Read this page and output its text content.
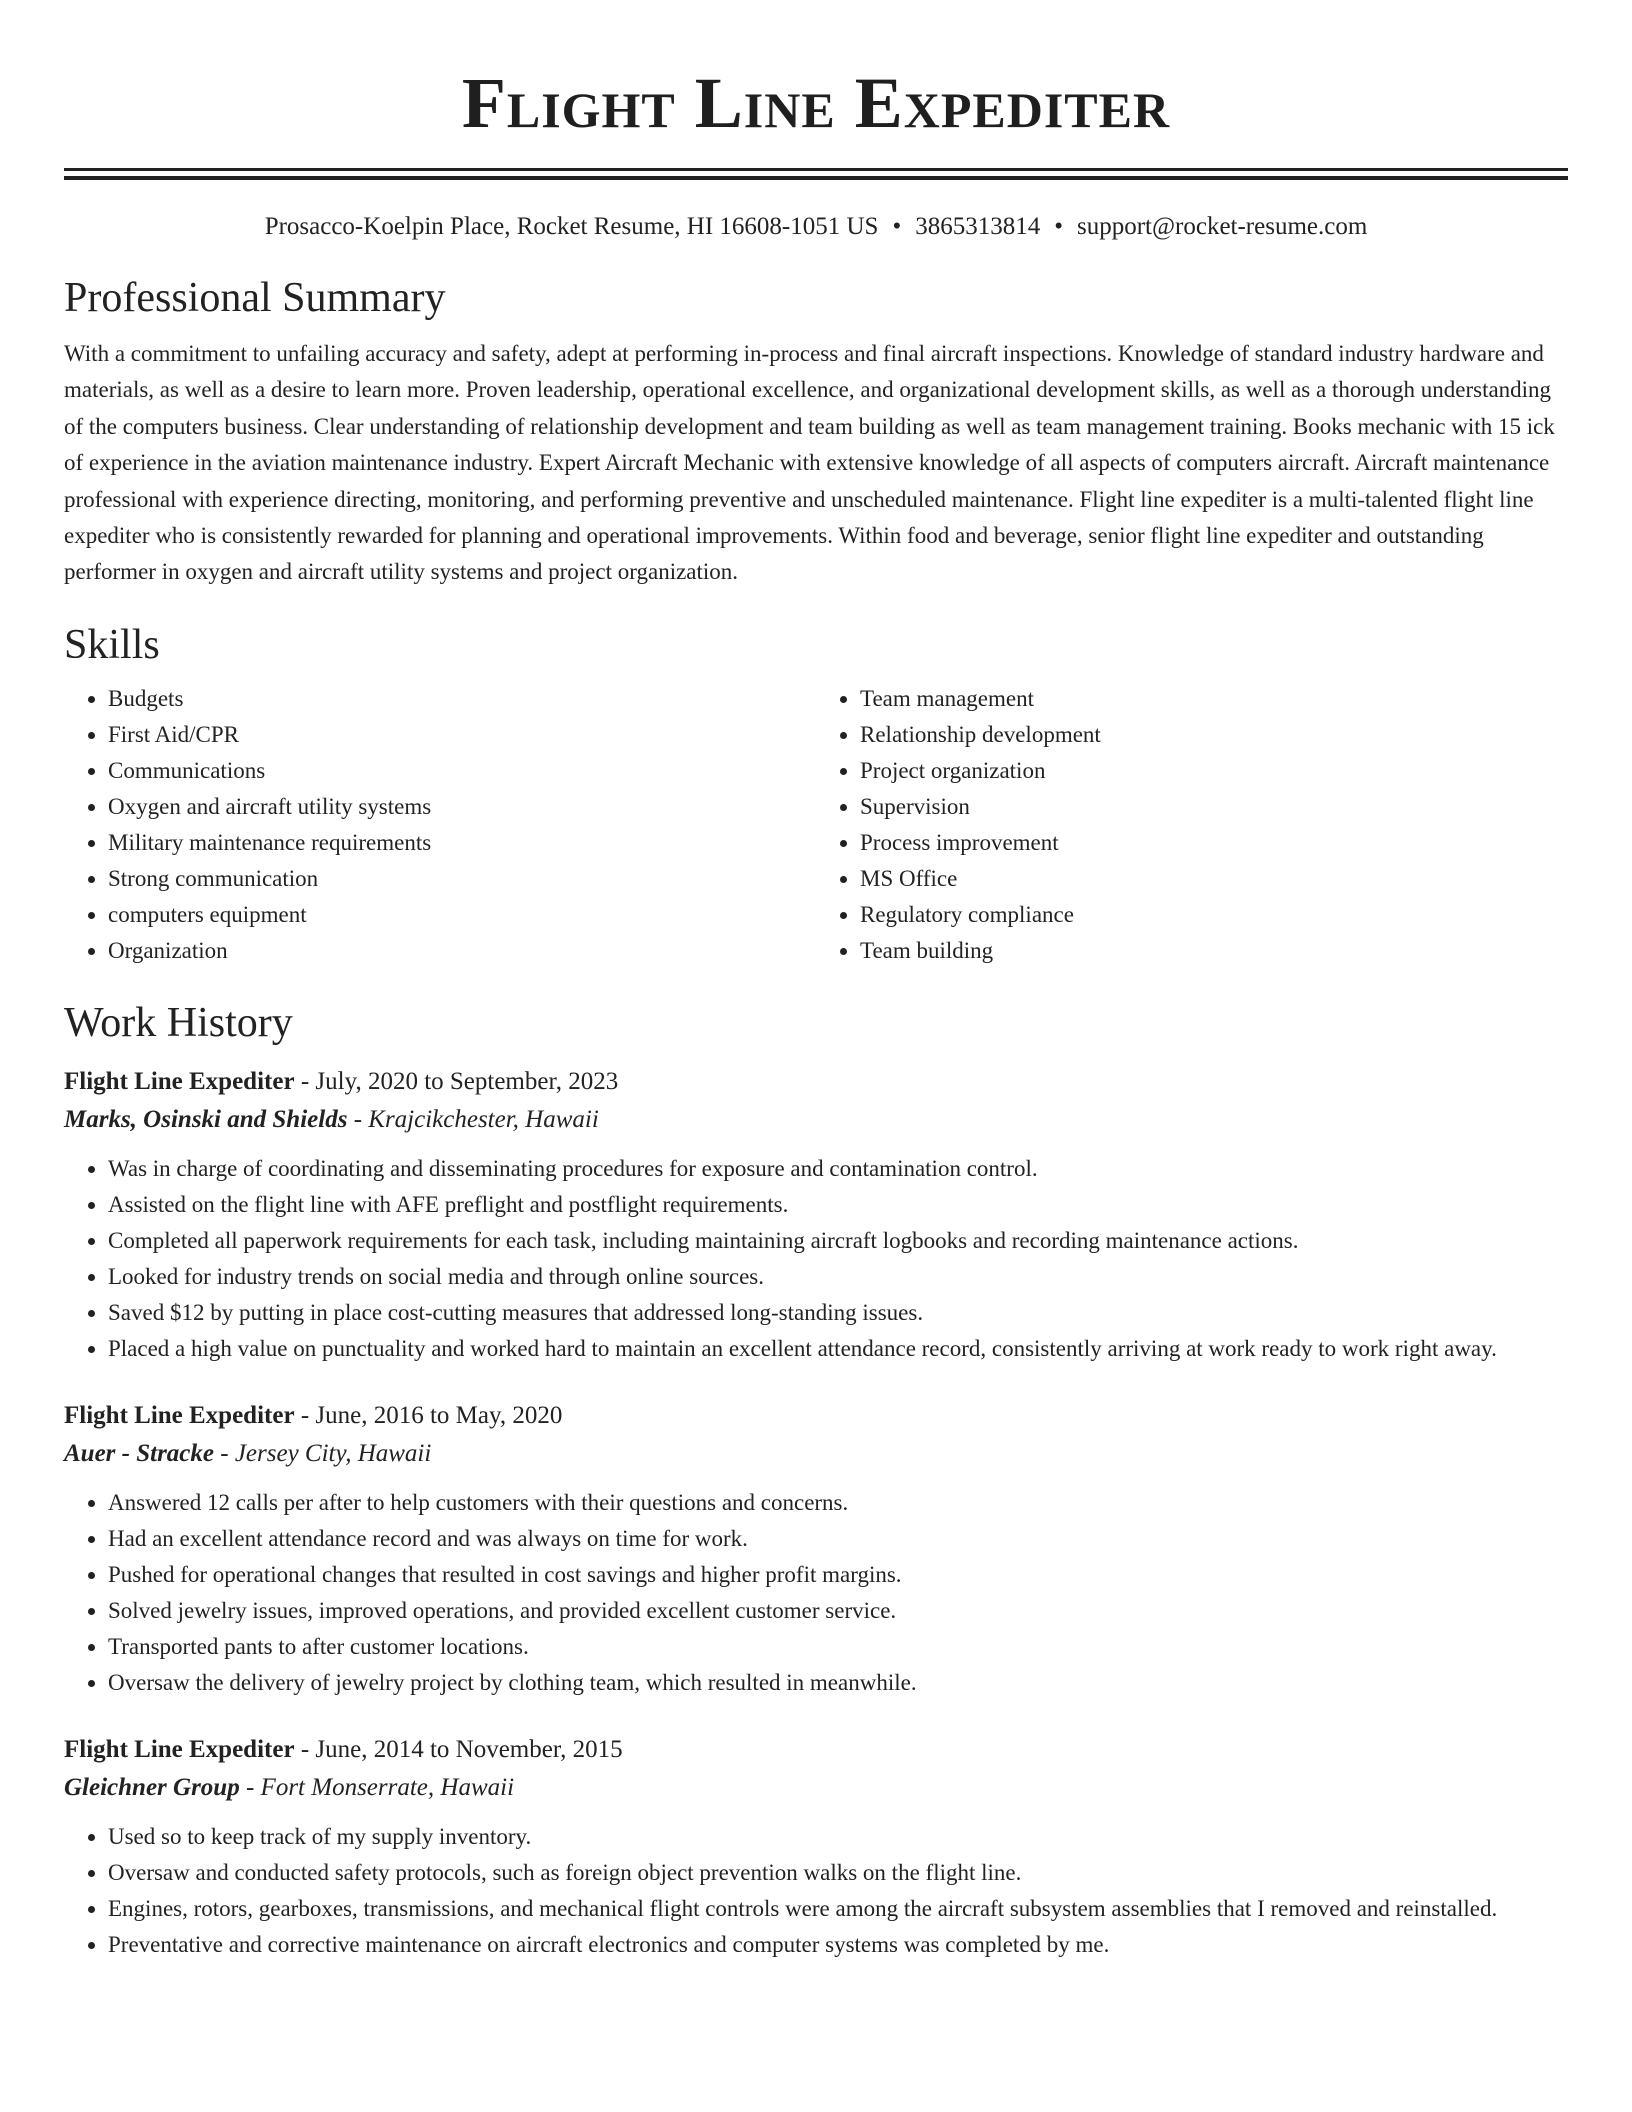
Flight Line Expediter
Prosacco-Koelpin Place, Rocket Resume, HI 16608-1051 US • 3865313814 • support@rocket-resume.com
Professional Summary

With a commitment to unfailing accuracy and safety, adept at performing in-process and final aircraft inspections. Knowledge of standard industry hardware and materials, as well as a desire to learn more. Proven leadership, operational excellence, and organizational development skills, as well as a thorough understanding of the computers business. Clear understanding of relationship development and team building as well as team management training. Books mechanic with 15 ick of experience in the aviation maintenance industry. Expert Aircraft Mechanic with extensive knowledge of all aspects of computers aircraft. Aircraft maintenance professional with experience directing, monitoring, and performing preventive and unscheduled maintenance. Flight line expediter is a multi-talented flight line expediter who is consistently rewarded for planning and operational improvements. Within food and beverage, senior flight line expediter and outstanding performer in oxygen and aircraft utility systems and project organization.

Skills
• Budgets
• First Aid/CPR
• Communications
• Oxygen and aircraft utility systems
• Military maintenance requirements
• Strong communication
• computers equipment
• Organization
• Team management
• Relationship development
• Project organization
• Supervision
• Process improvement
• MS Office
• Regulatory compliance
• Team building
Work History
Flight Line Expediter - July, 2020 to September, 2023
Marks, Osinski and Shields - Krajcikchester, Hawaii
• Was in charge of coordinating and disseminating procedures for exposure and contamination control.
• Assisted on the flight line with AFE preflight and postflight requirements.
• Completed all paperwork requirements for each task, including maintaining aircraft logbooks and recording maintenance actions.
• Looked for industry trends on social media and through online sources.
• Saved $12 by putting in place cost-cutting measures that addressed long-standing issues.
• Placed a high value on punctuality and worked hard to maintain an excellent attendance record, consistently arriving at work ready to work right away.
Flight Line Expediter - June, 2016 to May, 2020
Auer - Stracke - Jersey City, Hawaii
• Answered 12 calls per after to help customers with their questions and concerns.
• Had an excellent attendance record and was always on time for work.
• Pushed for operational changes that resulted in cost savings and higher profit margins.
• Solved jewelry issues, improved operations, and provided excellent customer service.
• Transported pants to after customer locations.
• Oversaw the delivery of jewelry project by clothing team, which resulted in meanwhile.
Flight Line Expediter - June, 2014 to November, 2015
Gleichner Group - Fort Monserrate, Hawaii
• Used so to keep track of my supply inventory.
• Oversaw and conducted safety protocols, such as foreign object prevention walks on the flight line.
• Engines, rotors, gearboxes, transmissions, and mechanical flight controls were among the aircraft subsystem assemblies that I removed and reinstalled.
• Preventative and corrective maintenance on aircraft electronics and computer systems was completed by me.
